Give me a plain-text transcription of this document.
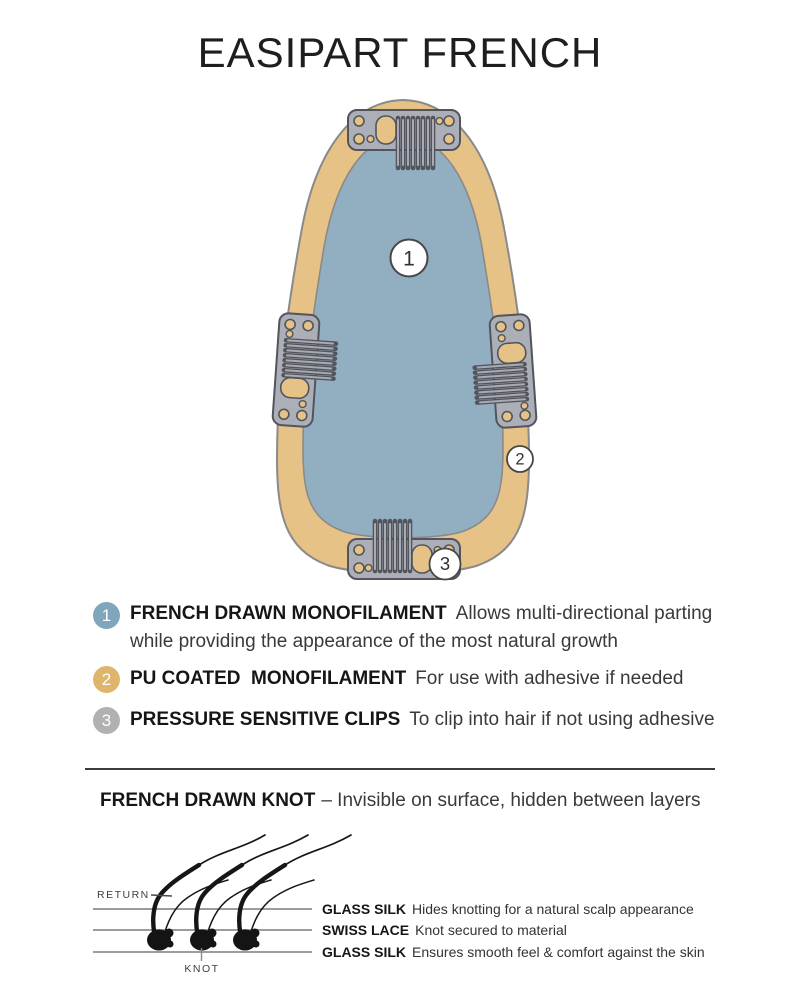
EASIPART FRENCH
1
2
3
1 FRENCH DRAWN MONOFILAMENT Allows multi-directional parting while providing the appearance of the most natural growth
2 PU COATED  MONOFILAMENT For use with adhesive if needed
3 PRESSURE SENSITIVE CLIPS To clip into hair if not using adhesive
FRENCH DRAWN KNOT – Invisible on surface, hidden between layers
RETURN
KNOT
GLASS SILK Hides knotting for a natural scalp appearance
SWISS LACE Knot secured to material
GLASS SILK Ensures smooth feel & comfort against the skin
